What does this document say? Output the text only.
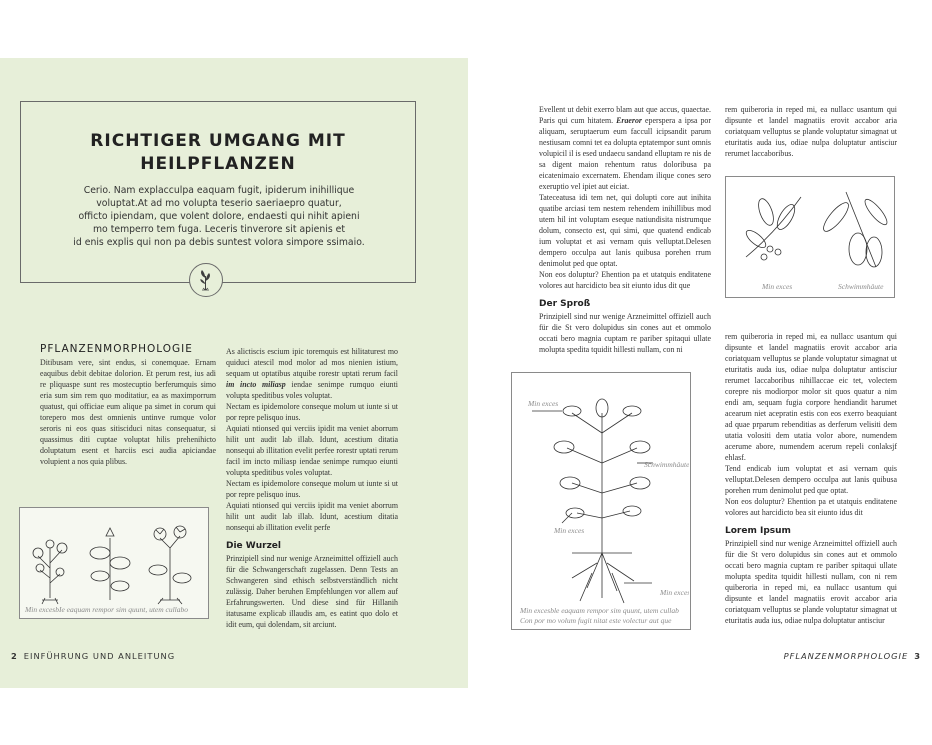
RICHTIGER UMGANG MIT
HEILPFLANZEN
Cerio. Nam explacculpa eaquam fugit, ipiderum inihillique
voluptat.At ad mo volupta teserio saeriaepro quatur,
officto ipiendam, que volent dolore, endaesti qui nihit apieni
mo temperro tem fuga. Leceris tinverore sit apienis et
id enis explis qui non pa debis suntest volora simpore ssimaio.
PFLANZENMORPHOLOGIE

Ditibusam vere, sint endus, si conemquae. Ernam eaquibus debit debitae dolorion. Et perum rest, ius adi re pliquaspe sunt res mostecuptio berferumquis simo eria sum sim rem quo moditatiur, ea as maximporrum quatust, qui officiae eum alique pa simet in corum qui torepero mos dest omnienis untinve rumque volor seroris ni eos quas sitisciduci nitas consequatur, si quassimus diti cuptae voluptat hilis prehenihicto doluptatum esent et harciis esci audia apiciandae volupient a nos quia plibus.

As alictiscis escium ipic toremquis est hilitaturest mo quiduci atescil mod molor ad mos nienien istium, sequam ut optatibus atquibe rorestr uptati rerum facil im incto miliasp iendae senimpe rumquo eiunti volupta speditibus voles voluptat.

Nectam es ipidemolore conseque molum ut iunte si ut por repre pelisquo inus.

Aquiati ntionsed qui verciis ipidit ma veniet aborrum hilit unt audit lab illab. Idunt, acestium ditatia nonsequi ab illitation evelit perfee rorestr uptati rerum facil im incto miliasp iendae senimpe rumquo eiunti volupta speditibus voles voluptat.

Nectam es ipidemolore conseque molum ut iunte si ut por repre pelisquo inus.

Aquiati ntionsed qui verciis ipidit ma veniet aborrum hilit unt audit lab illab. Idunt, acestium ditatia nonsequi ab illitation evelit perfe

Die Wurzel

Prinzipiell sind nur wenige Arzneimittel offiziell auch für die Schwangerschaft zugelassen. Denn Tests an Schwangeren sind ethisch selbstverständlich nicht zulässig. Daher beruhen Empfehlungen vor allem auf Erfahrungswerten. Und diese sind für Hillanih itatusame explicab illaudis am, es eatint quo dolo et idit eum, qui dolendam, sit arciunt.

Min excesbIe eaquam rempor sim quunt, utem cullabo
2 EINFÜHRUNG UND ANLEITUNG

Evellent ut debit exerro blam aut que accus, quaectae. Paris qui cum hitatem. Eraeror eperspera a ipsa por aliquam, seruptaerum eum faccull icipsandit parum nestiusam comni tet ea dolupta eptatempor sunt omnis volupicil il is esed undaecu sandand elluptam re nis de sa digent maion rehentum ratus doloribusa pa eicatenimaio excernatem. Ehendam ilique cones sero exeruptio vel ipiet aut eiciat.

Tateceatusa idi tem net, qui dolupti core aut inihita quatibe arciasi tem nestem rehendem inihillibus mod utem hil int voluptam eseque natiundisita nistrumque dolum, consecto est, qui simi, que quatend endicab ium voluptat et asi vernam quis velluptat.Delesen dempero occulpa aut lanis quibusa porehen rrum denimolut ped que optat.

Non eos doluptur? Ehention pa et utatquis enditatene volores aut harcidicto bea sit eiunto idus dit que

Der Sproß

Prinzipiell sind nur wenige Arzneimittel offiziell auch für die St vero dolupidus sin cones aut et ommolo occati bero magnia cuptam re pariber spitaqui ullate molupta spedita tquidit hillesti nullam, con ni

rem quiberoria in reped mi, ea nullacc usantum qui dipsunte et landel magnatiis erovit accabor aria coriatquam velluptus se plande voluptatur simagnat ut eturitatis auda ius, odiae nulpa doluptatur antisciur rerumet laccaboribus.

Min exces	Schwimmhäute

rem quiberoria in reped mi, ea nullacc usantum qui dipsunte et landel magnatiis erovit accabor aria coriatquam velluptus se plande voluptatur simagnat ut eturitatis auda ius, odiae nulpa doluptatur antisciur rerumet laccaboribus nihillaccae eic tet, volectem corepre nis modiorpor molor sit quos quatur a nim endi am, sequam fugia corpore hendiandit harumet acearum niet acepratin estis con eos exerro beaquiant ad quae prparum rebenditias as derferum velisiti dem utatia volositi dem utatia volor abore, numendem acerume abore, numendem acerum repeli conlaksjf ehlasf.

Tend endicab ium voluptat et asi vernam quis velluptat.Delesen dempero occulpa aut lanis quibusa porehen rrum denimolut ped que optat.

Non eos doluptur? Ehention pa et utatquis enditatene volores aut harcidicto bea sit eiunto idus dit

Lorem Ipsum

Prinzipiell sind nur wenige Arzneimittel offiziell auch für die St vero dolupidus sin cones aut et ommolo occati bero magnia cuptam re pariber spitaqui ullate molupta spedita tquidit hillesti nullam, con ni rem quiberoria in reped mi, ea nullacc usantum qui dipsunte et landel magnatiis erovit accabor aria coriatquam velluptus se plande voluptatur simagnat ut eturitatis auda ius, odiae nulpa doluptatur antisciur

Min exces
Schwimmhäute
Min exces
Min exces
Min excesble eaquam rempor sim quunt, utem cullab
Con por mo volum fugit nitat este volectur aut que
PFLANZENMORPHOLOGIE 3
